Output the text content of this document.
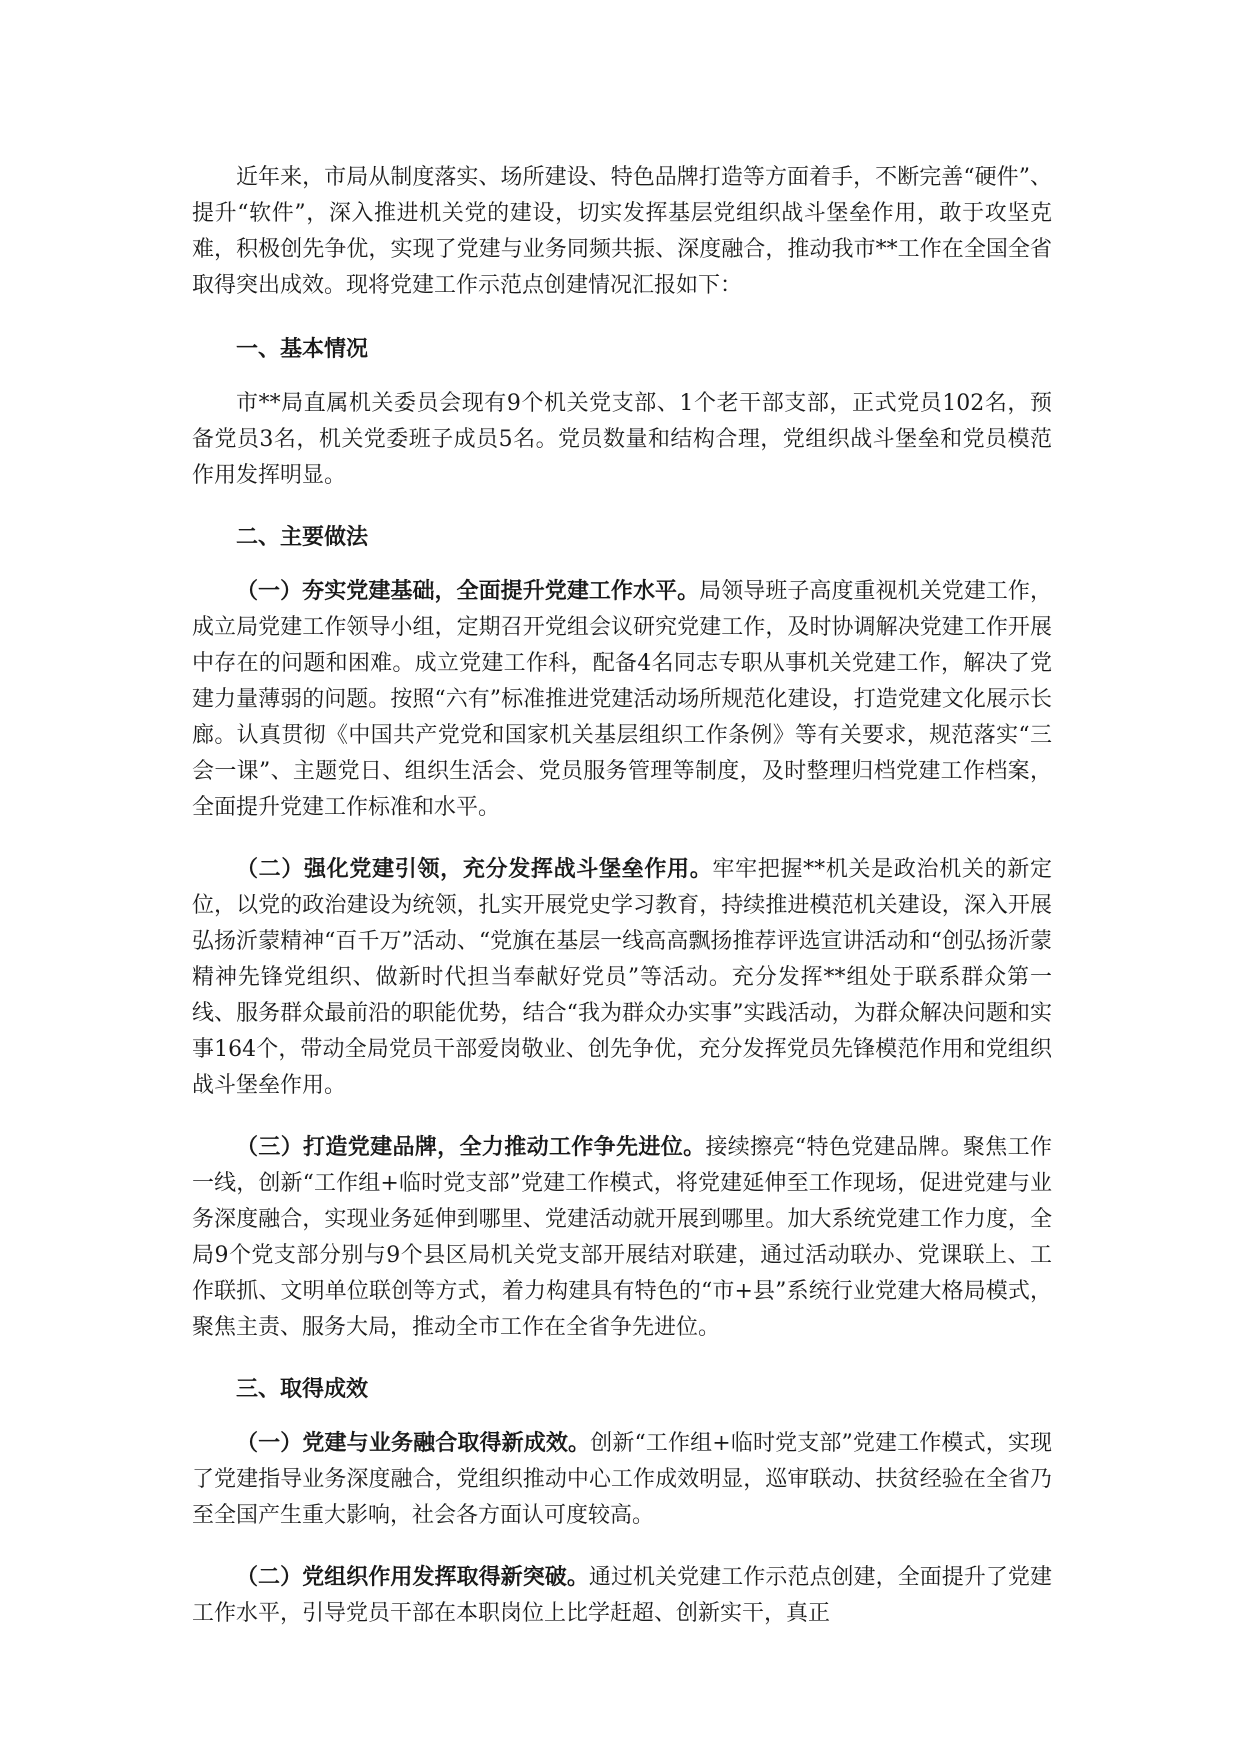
近年来，市局从制度落实、场所建设、特色品牌打造等方面着手，不断完善“硬件”、提升“软件”，深入推进机关党的建设，切实发挥基层党组织战斗堡垒作用，敢于攻坚克难，积极创先争优，实现了党建与业务同频共振、深度融合，推动我市**工作在全国全省取得突出成效。现将党建工作示范点创建情况汇报如下：

一、基本情况

市**局直属机关委员会现有9个机关党支部、1个老干部支部，正式党员102名，预备党员3名，机关党委班子成员5名。党员数量和结构合理，党组织战斗堡垒和党员模范作用发挥明显。

二、主要做法

（一）夯实党建基础，全面提升党建工作水平。局领导班子高度重视机关党建工作，成立局党建工作领导小组，定期召开党组会议研究党建工作，及时协调解决党建工作开展中存在的问题和困难。成立党建工作科，配备4名同志专职从事机关党建工作，解决了党建力量薄弱的问题。按照“六有”标准推进党建活动场所规范化建设，打造党建文化展示长廊。认真贯彻《中国共产党党和国家机关基层组织工作条例》等有关要求，规范落实“三会一课”、主题党日、组织生活会、党员服务管理等制度，及时整理归档党建工作档案，全面提升党建工作标准和水平。

（二）强化党建引领，充分发挥战斗堡垒作用。牢牢把握**机关是政治机关的新定位，以党的政治建设为统领，扎实开展党史学习教育，持续推进模范机关建设，深入开展弘扬沂蒙精神“百千万”活动、“党旗在基层一线高高飘扬推荐评选宣讲活动和“创弘扬沂蒙精神先锋党组织、做新时代担当奉献好党员”等活动。充分发挥**组处于联系群众第一线、服务群众最前沿的职能优势，结合“我为群众办实事”实践活动，为群众解决问题和实事164个，带动全局党员干部爱岗敬业、创先争优，充分发挥党员先锋模范作用和党组织战斗堡垒作用。

（三）打造党建品牌，全力推动工作争先进位。接续擦亮“特色党建品牌。聚焦工作一线，创新“工作组+临时党支部”党建工作模式，将党建延伸至工作现场，促进党建与业务深度融合，实现业务延伸到哪里、党建活动就开展到哪里。加大系统党建工作力度，全局9个党支部分别与9个县区局机关党支部开展结对联建，通过活动联办、党课联上、工作联抓、文明单位联创等方式，着力构建具有特色的“市+县”系统行业党建大格局模式，聚焦主责、服务大局，推动全市工作在全省争先进位。

三、取得成效

（一）党建与业务融合取得新成效。创新“工作组+临时党支部”党建工作模式，实现了党建指导业务深度融合，党组织推动中心工作成效明显，巡审联动、扶贫经验在全省乃至全国产生重大影响，社会各方面认可度较高。

（二）党组织作用发挥取得新突破。通过机关党建工作示范点创建，全面提升了党建工作水平，引导党员干部在本职岗位上比学赶超、创新实干，真正
